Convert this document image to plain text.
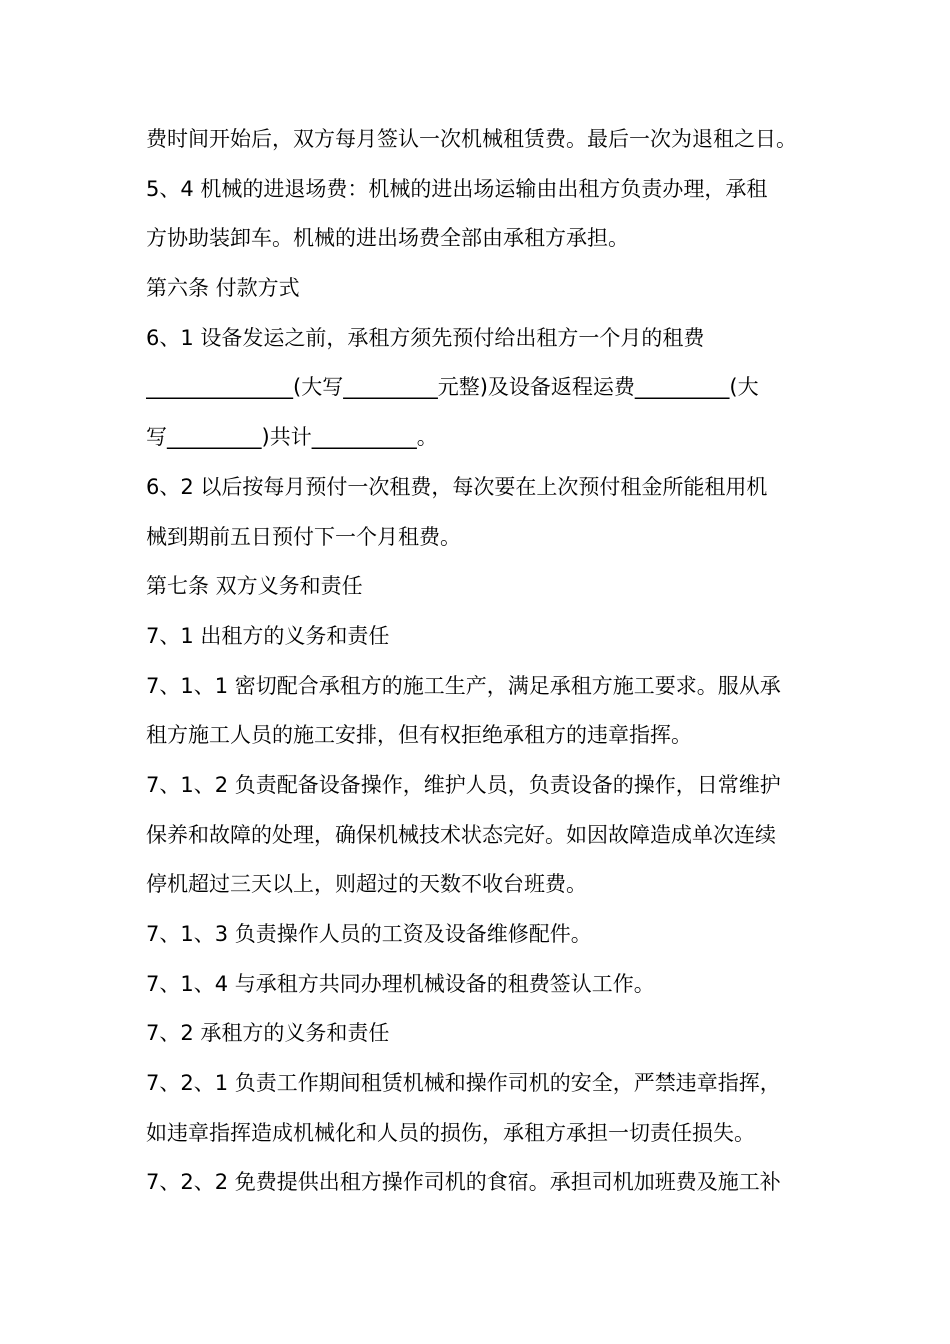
费时间开始后，双方每月签认一次机械租赁费。最后一次为退租之日。
5、4 机械的进退场费：机械的进出场运输由出租方负责办理，承租
方协助装卸车。机械的进出场费全部由承租方承担。
第六条 付款方式
6、1 设备发运之前，承租方须先预付给出租方一个月的租费
______________(大写_________元整)及设备返程运费_________(大
写_________)共计__________。
6、2 以后按每月预付一次租费，每次要在上次预付租金所能租用机
械到期前五日预付下一个月租费。
第七条 双方义务和责任
7、1 出租方的义务和责任
7、1、1 密切配合承租方的施工生产，满足承租方施工要求。服从承
租方施工人员的施工安排，但有权拒绝承租方的违章指挥。
7、1、2 负责配备设备操作，维护人员，负责设备的操作，日常维护
保养和故障的处理，确保机械技术状态完好。如因故障造成单次连续
停机超过三天以上，则超过的天数不收台班费。
7、1、3 负责操作人员的工资及设备维修配件。
7、1、4 与承租方共同办理机械设备的租费签认工作。
7、2 承租方的义务和责任
7、2、1 负责工作期间租赁机械和操作司机的安全，严禁违章指挥，
如违章指挥造成机械化和人员的损伤，承租方承担一切责任损失。
7、2、2 免费提供出租方操作司机的食宿。承担司机加班费及施工补
